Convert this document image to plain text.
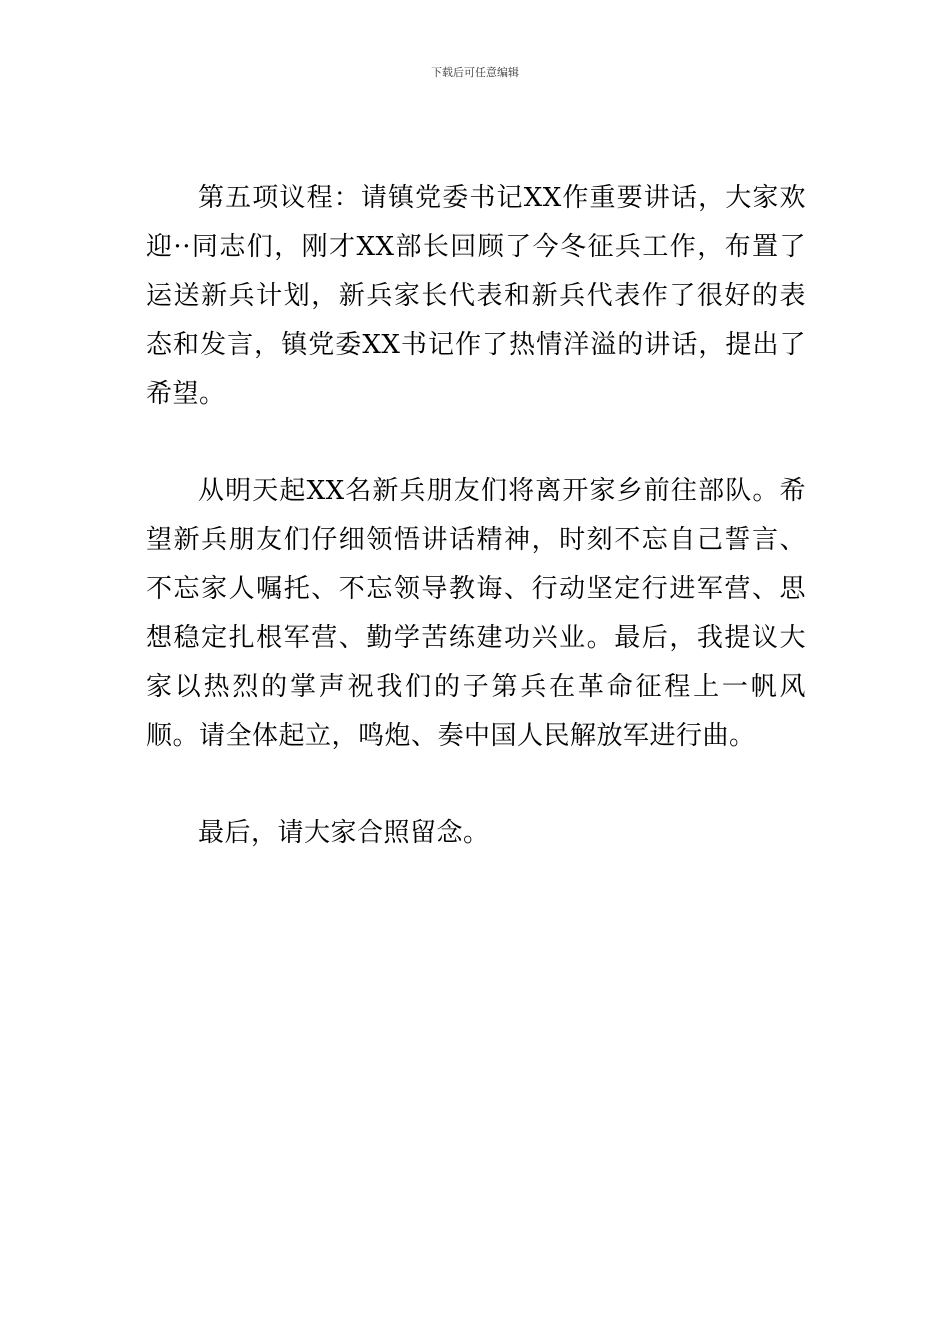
下载后可任意编辑

第五项议程：请镇党委书记XX作重要讲话，大家欢迎··同志们，刚才XX部长回顾了今冬征兵工作，布置了运送新兵计划，新兵家长代表和新兵代表作了很好的表态和发言，镇党委XX书记作了热情洋溢的讲话，提出了希望。

从明天起XX名新兵朋友们将离开家乡前往部队。希望新兵朋友们仔细领悟讲话精神，时刻不忘自己誓言、不忘家人嘱托、不忘领导教诲、行动坚定行进军营、思想稳定扎根军营、勤学苦练建功兴业。最后，我提议大家以热烈的掌声祝我们的子第兵在革命征程上一帆风顺。请全体起立，鸣炮、奏中国人民解放军进行曲。

最后，请大家合照留念。
